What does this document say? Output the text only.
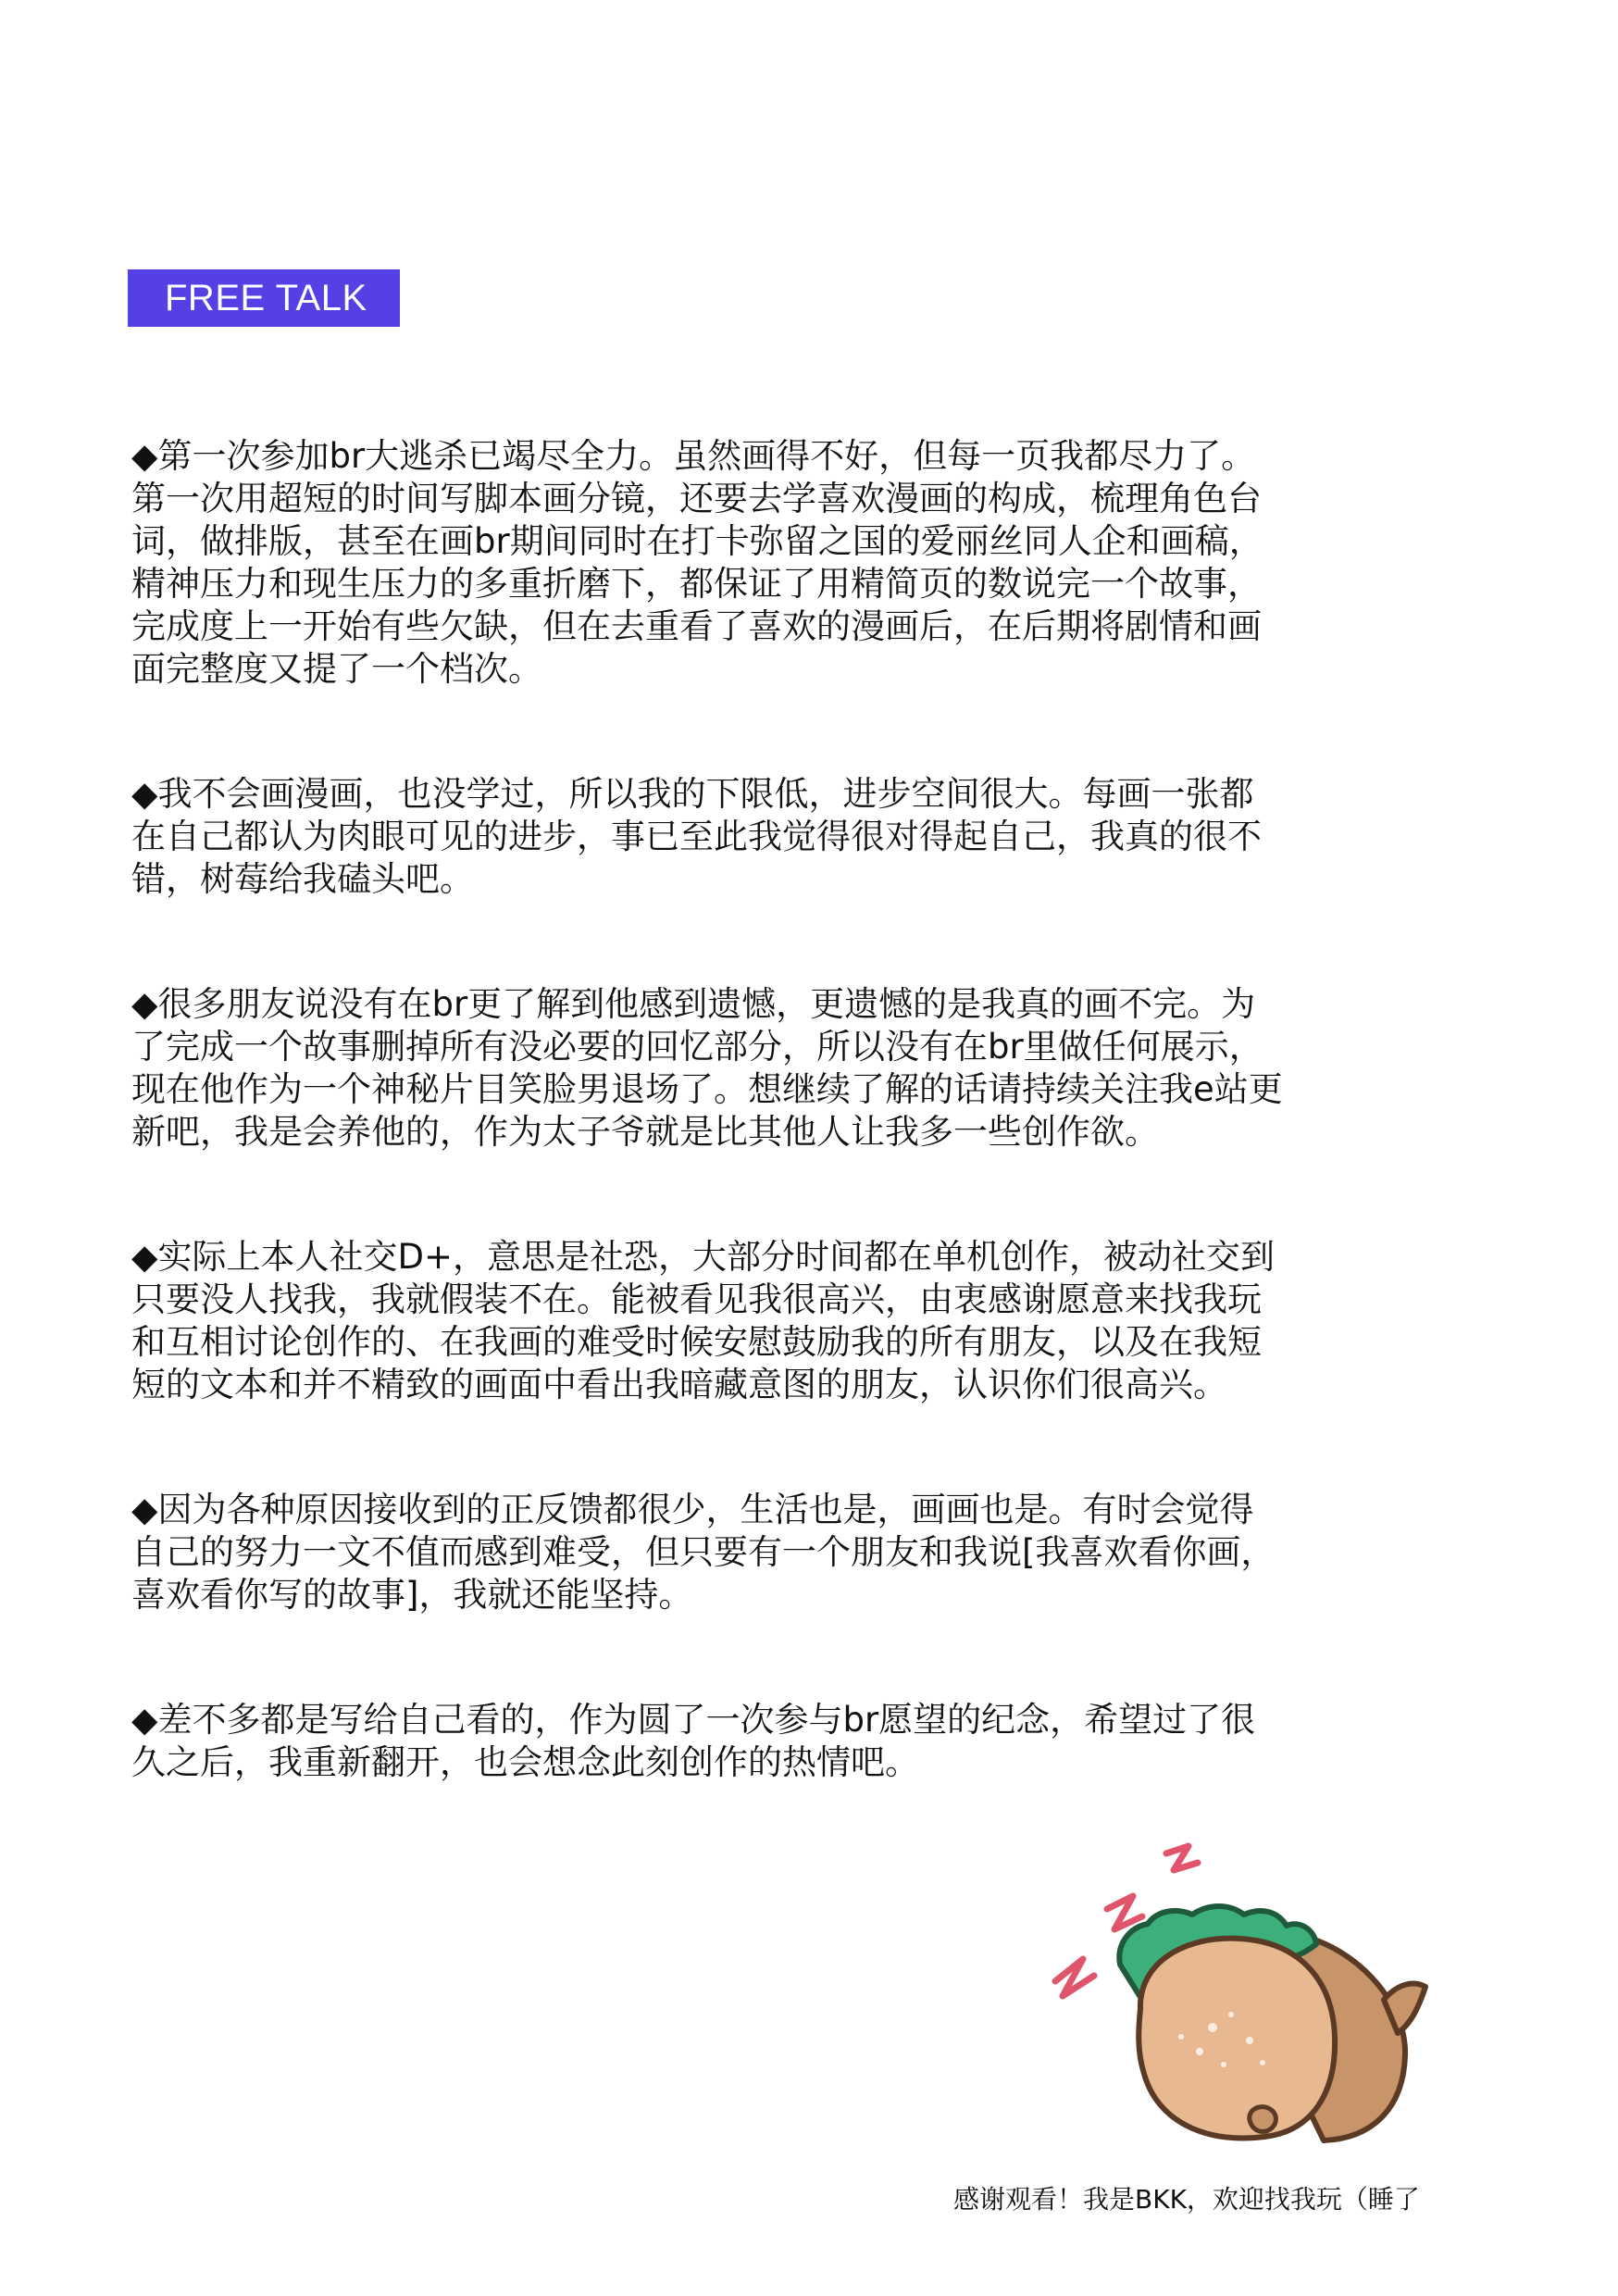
FREE TALK

◆第一次参加br大逃杀已竭尽全力。虽然画得不好，但每一页我都尽力了。
第一次用超短的时间写脚本画分镜，还要去学喜欢漫画的构成，梳理角色台
词，做排版，甚至在画br期间同时在打卡弥留之国的爱丽丝同人企和画稿，
精神压力和现生压力的多重折磨下，都保证了用精简页的数说完一个故事，
完成度上一开始有些欠缺，但在去重看了喜欢的漫画后，在后期将剧情和画
面完整度又提了一个档次。

◆我不会画漫画，也没学过，所以我的下限低，进步空间很大。每画一张都
在自己都认为肉眼可见的进步，事已至此我觉得很对得起自己，我真的很不
错，树莓给我磕头吧。

◆很多朋友说没有在br更了解到他感到遗憾，更遗憾的是我真的画不完。为
了完成一个故事删掉所有没必要的回忆部分，所以没有在br里做任何展示，
现在他作为一个神秘片目笑脸男退场了。想继续了解的话请持续关注我e站更
新吧，我是会养他的，作为太子爷就是比其他人让我多一些创作欲。

◆实际上本人社交D+，意思是社恐，大部分时间都在单机创作，被动社交到
只要没人找我，我就假装不在。能被看见我很高兴，由衷感谢愿意来找我玩
和互相讨论创作的、在我画的难受时候安慰鼓励我的所有朋友，以及在我短
短的文本和并不精致的画面中看出我暗藏意图的朋友，认识你们很高兴。

◆因为各种原因接收到的正反馈都很少，生活也是，画画也是。有时会觉得
自己的努力一文不值而感到难受，但只要有一个朋友和我说[我喜欢看你画，
喜欢看你写的故事]，我就还能坚持。

◆差不多都是写给自己看的，作为圆了一次参与br愿望的纪念，希望过了很
久之后，我重新翻开，也会想念此刻创作的热情吧。

感谢观看！我是BKK，欢迎找我玩（睡了
